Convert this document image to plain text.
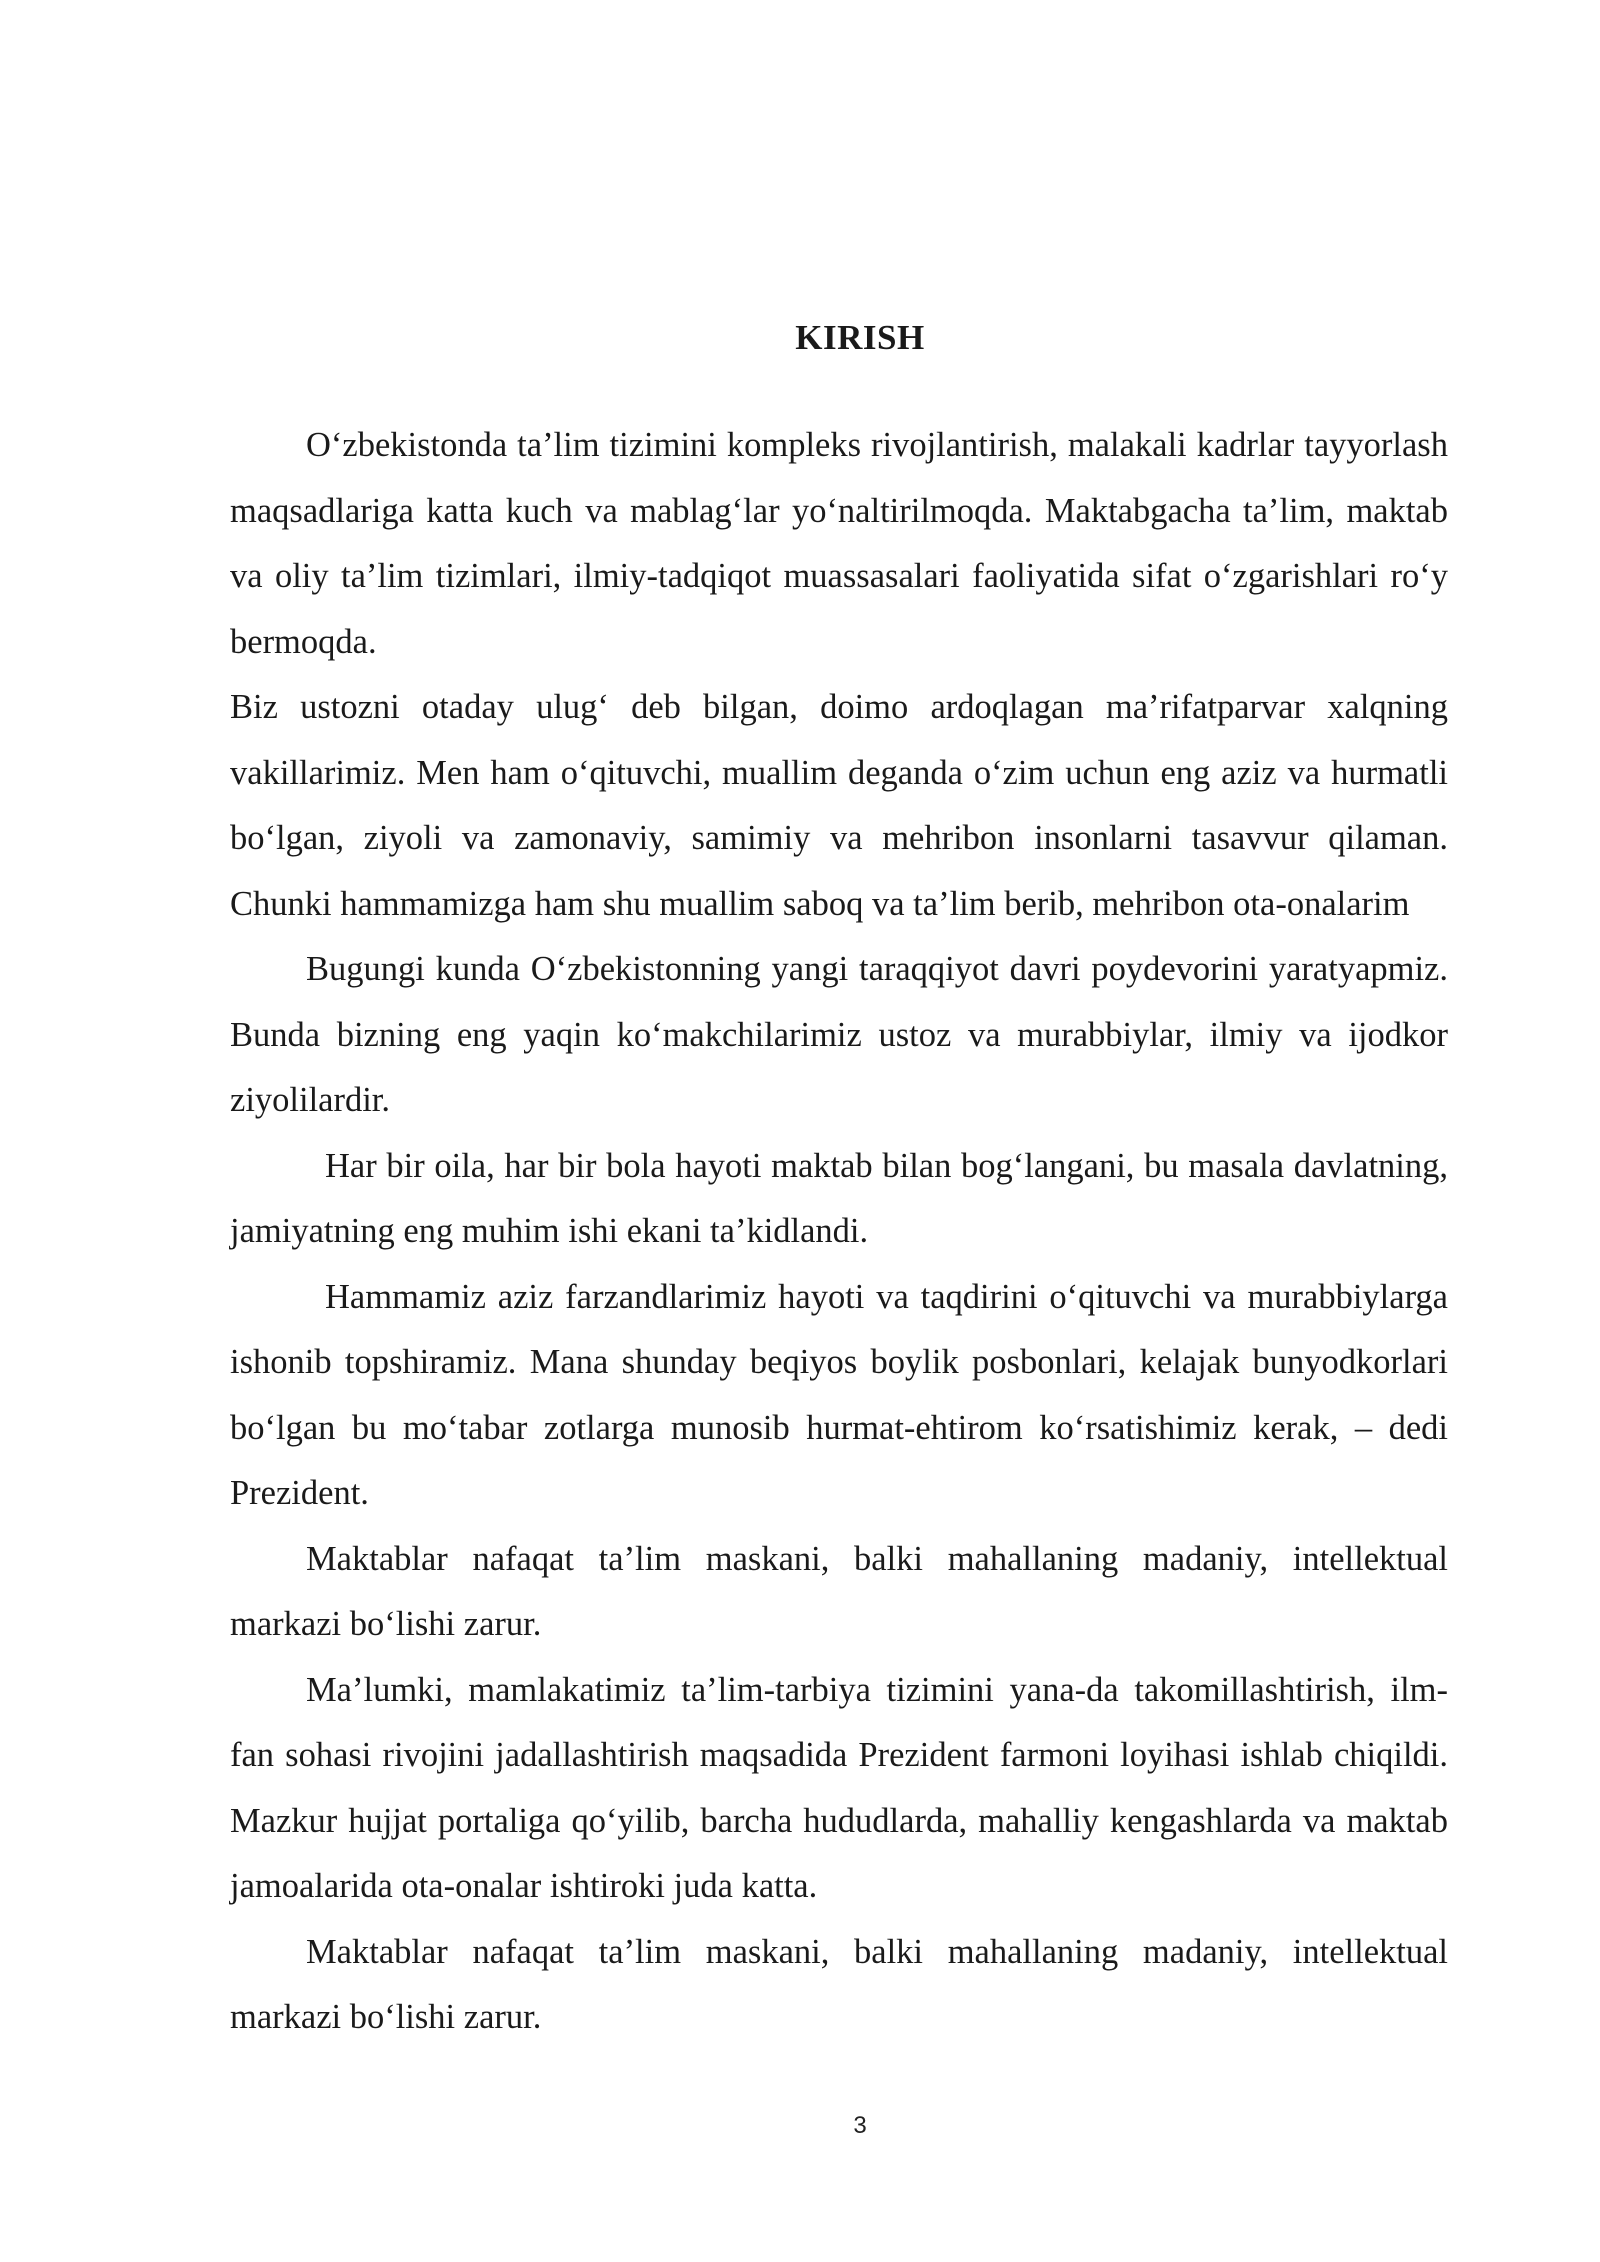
KIRISH

O‘zbekistonda ta’lim tizimini kompleks rivojlantirish, malakali kadrlar tayyorlash maqsadlariga katta kuch va mablag‘lar yo‘naltirilmoqda. Maktabgacha ta’lim, maktab va oliy ta’lim tizimlari, ilmiy-tadqiqot muassasalari faoliyatida sifat o‘zgarishlari ro‘y bermoqda.

Biz ustozni otaday ulug‘ deb bilgan, doimo ardoqlagan ma’rifatparvar xalqning vakillarimiz. Men ham o‘qituvchi, muallim deganda o‘zim uchun eng aziz va hurmatli bo‘lgan, ziyoli va zamonaviy, samimiy va mehribon insonlarni tasavvur qilaman. Chunki hammamizga ham shu muallim saboq va ta’lim berib, mehribon ota-onalarim

Bugungi kunda O‘zbekistonning yangi taraqqiyot davri poydevorini yaratyapmiz. Bunda bizning eng yaqin ko‘makchilarimiz ustoz va murabbiylar, ilmiy va ijodkor ziyolilardir.

Har bir oila, har bir bola hayoti maktab bilan bog‘langani, bu masala davlatning, jamiyatning eng muhim ishi ekani ta’kidlandi.

Hammamiz aziz farzandlarimiz hayoti va taqdirini o‘qituvchi va murabbiylarga ishonib topshiramiz. Mana shunday beqiyos boylik posbonlari, kelajak bunyodkorlari bo‘lgan bu mo‘tabar zotlarga munosib hurmat-ehtirom ko‘rsatishimiz kerak, – dedi Prezident.

Maktablar nafaqat ta’lim maskani, balki mahallaning madaniy, intellektual markazi bo‘lishi zarur.

Ma’lumki, mamlakatimiz ta’lim-tarbiya tizimini yana-da takomillashtirish, ilm-fan sohasi rivojini jadallashtirish maqsadida Prezident farmoni loyihasi ishlab chiqildi. Mazkur hujjat portaliga qo‘yilib, barcha hududlarda, mahalliy kengashlarda va maktab jamoalarida ota-onalar ishtiroki juda katta.

Maktablar nafaqat ta’lim maskani, balki mahallaning madaniy, intellektual markazi bo‘lishi zarur.

3
